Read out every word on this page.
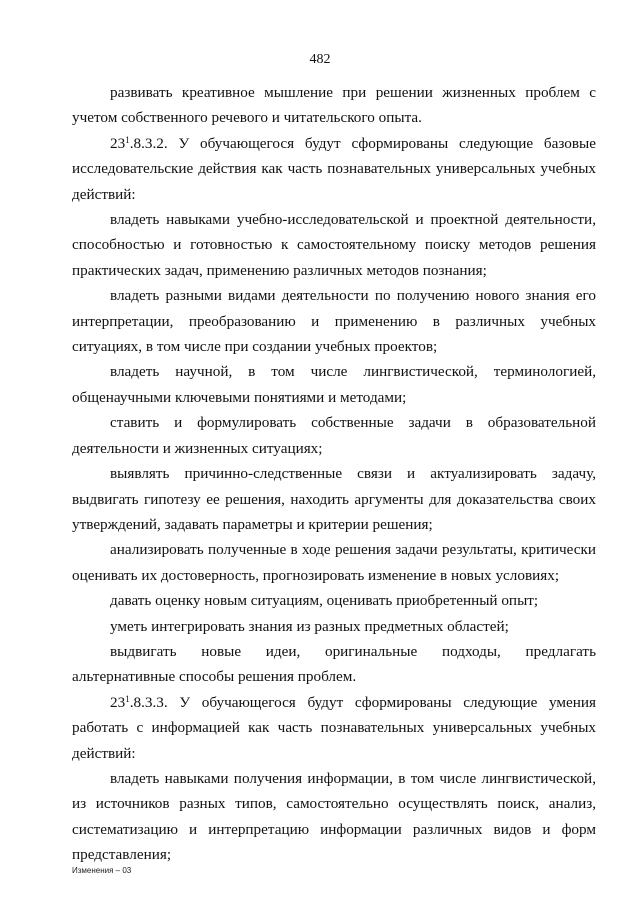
482

развивать креативное мышление при решении жизненных проблем с учетом собственного речевого и читательского опыта.

$23^1.8.3.2$. У обучающегося будут сформированы следующие базовые исследовательские действия как часть познавательных универсальных учебных действий:

владеть навыками учебно-исследовательской и проектной деятельности, способностью и готовностью к самостоятельному поиску методов решения практических задач, применению различных методов познания;

владеть разными видами деятельности по получению нового знания его интерпретации, преобразованию и применению в различных учебных ситуациях, в том числе при создании учебных проектов;

владеть научной, в том числе лингвистической, терминологией, общенаучными ключевыми понятиями и методами;

ставить и формулировать собственные задачи в образовательной деятельности и жизненных ситуациях;

выявлять причинно-следственные связи и актуализировать задачу, выдвигать гипотезу ее решения, находить аргументы для доказательства своих утверждений, задавать параметры и критерии решения;

анализировать полученные в ходе решения задачи результаты, критически оценивать их достоверность, прогнозировать изменение в новых условиях;

давать оценку новым ситуациям, оценивать приобретенный опыт;

уметь интегрировать знания из разных предметных областей;

выдвигать новые идеи, оригинальные подходы, предлагать альтернативные способы решения проблем.

$23^1.8.3.3$. У обучающегося будут сформированы следующие умения работать с информацией как часть познавательных универсальных учебных действий:

владеть навыками получения информации, в том числе лингвистической, из источников разных типов, самостоятельно осуществлять поиск, анализ, систематизацию и интерпретацию информации различных видов и форм представления;

Изменения – 03
